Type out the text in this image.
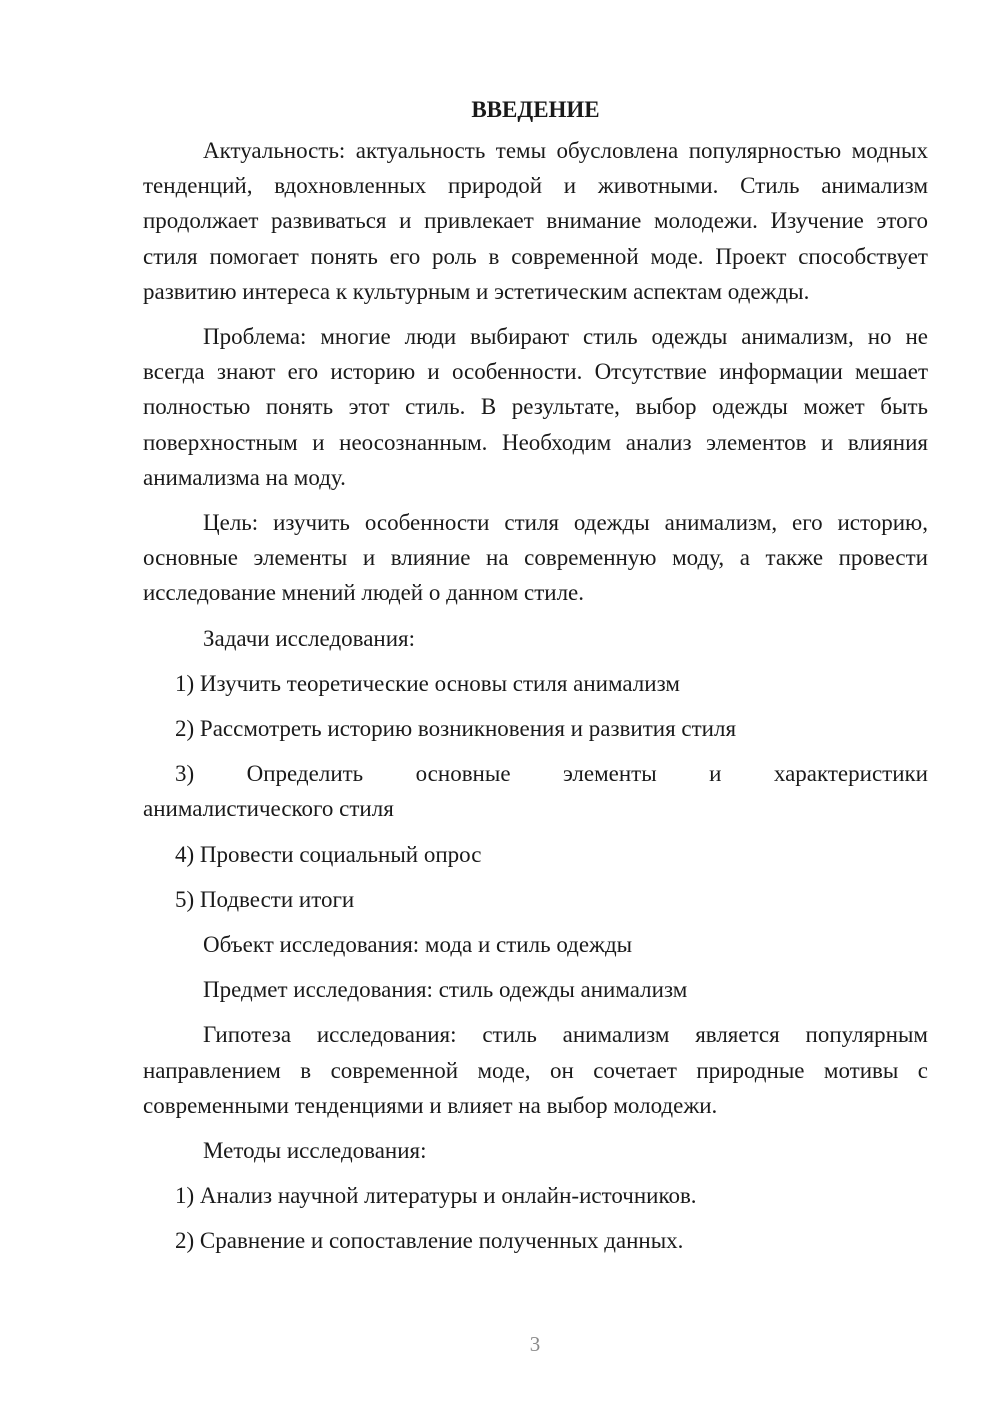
ВВЕДЕНИЕ

Актуальность: актуальность темы обусловлена популярностью модных тенденций, вдохновленных природой и животными. Стиль анимализм продолжает развиваться и привлекает внимание молодежи. Изучение этого стиля помогает понять его роль в современной моде. Проект способствует развитию интереса к культурным и эстетическим аспектам одежды.

Проблема: многие люди выбирают стиль одежды анимализм, но не всегда знают его историю и особенности. Отсутствие информации мешает полностью понять этот стиль. В результате, выбор одежды может быть поверхностным и неосознанным. Необходим анализ элементов и влияния анимализма на моду.

Цель: изучить особенности стиля одежды анимализм, его историю, основные элементы и влияние на современную моду, а также провести исследование мнений людей о данном стиле.

Задачи исследования:
1) Изучить теоретические основы стиля анимализм
2) Рассмотреть историю возникновения и развития стиля
3) Определить основные элементы и характеристики
анималистического стиля
4) Провести социальный опрос
5) Подвести итоги
Объект исследования: мода и стиль одежды
Предмет исследования: стиль одежды анимализм

Гипотеза исследования: стиль анимализм является популярным направлением в современной моде, он сочетает природные мотивы с современными тенденциями и влияет на выбор молодежи.

Методы исследования:
1) Анализ научной литературы и онлайн-источников.
2) Сравнение и сопоставление полученных данных.
3
